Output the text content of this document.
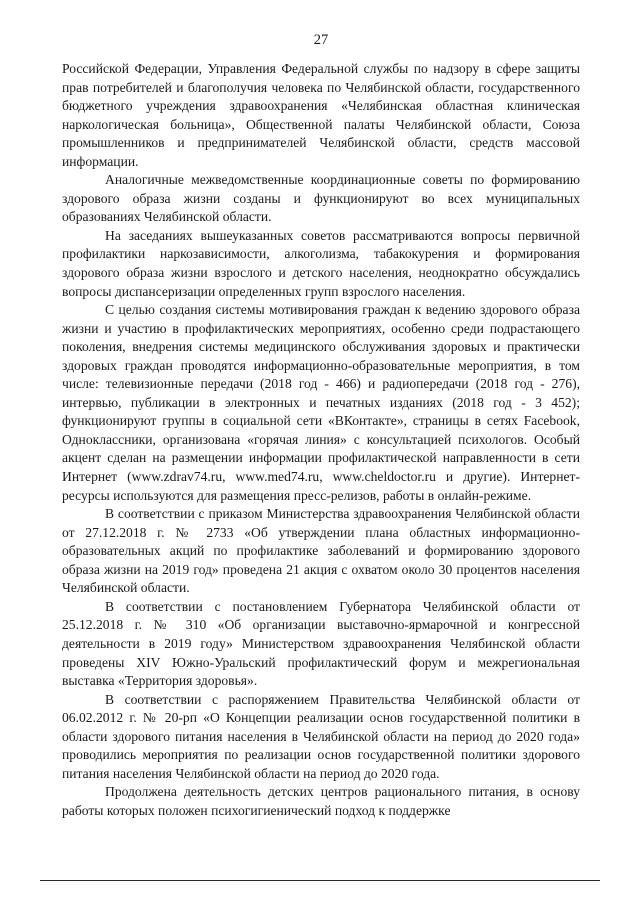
27

Российской Федерации, Управления Федеральной службы по надзору в сфере защиты прав потребителей и благополучия человека по Челябинской области, государственного бюджетного учреждения здравоохранения «Челябинская областная клиническая наркологическая больница», Общественной палаты Челябинской области, Союза промышленников и предпринимателей Челябинской области, средств массовой информации.

Аналогичные межведомственные координационные советы по формированию здорового образа жизни созданы и функционируют во всех муниципальных образованиях Челябинской области.

На заседаниях вышеуказанных советов рассматриваются вопросы первичной профилактики наркозависимости, алкоголизма, табакокурения и формирования здорового образа жизни взрослого и детского населения, неоднократно обсуждались вопросы диспансеризации определенных групп взрослого населения.

С целью создания системы мотивирования граждан к ведению здорового образа жизни и участию в профилактических мероприятиях, особенно среди подрастающего поколения, внедрения системы медицинского обслуживания здоровых и практически здоровых граждан проводятся информационно-образовательные мероприятия, в том числе: телевизионные передачи (2018 год - 466) и радиопередачи (2018 год - 276), интервью, публикации в электронных и печатных изданиях (2018 год - 3 452); функционируют группы в социальной сети «ВКонтакте», страницы в сетях Facebook, Одноклассники, организована «горячая линия» с консультацией психологов. Особый акцент сделан на размещении информации профилактической направленности в сети Интернет (www.zdrav74.ru, www.med74.ru, www.cheldoctor.ru и другие). Интернет-ресурсы используются для размещения пресс-релизов, работы в онлайн-режиме.

В соответствии с приказом Министерства здравоохранения Челябинской области от 27.12.2018 г. № 2733 «Об утверждении плана областных информационно-образовательных акций по профилактике заболеваний и формированию здорового образа жизни на 2019 год» проведена 21 акция с охватом около 30 процентов населения Челябинской области.

В соответствии с постановлением Губернатора Челябинской области от 25.12.2018 г. № 310 «Об организации выставочно-ярмарочной и конгрессной деятельности в 2019 году» Министерством здравоохранения Челябинской области проведены XIV Южно-Уральский профилактический форум и межрегиональная выставка «Территория здоровья».

В соответствии с распоряжением Правительства Челябинской области от 06.02.2012 г. № 20-рп «О Концепции реализации основ государственной политики в области здорового питания населения в Челябинской области на период до 2020 года» проводились мероприятия по реализации основ государственной политики здорового питания населения Челябинской области на период до 2020 года.

Продолжена деятельность детских центров рационального питания, в основу работы которых положен психогигиенический подход к поддержке
